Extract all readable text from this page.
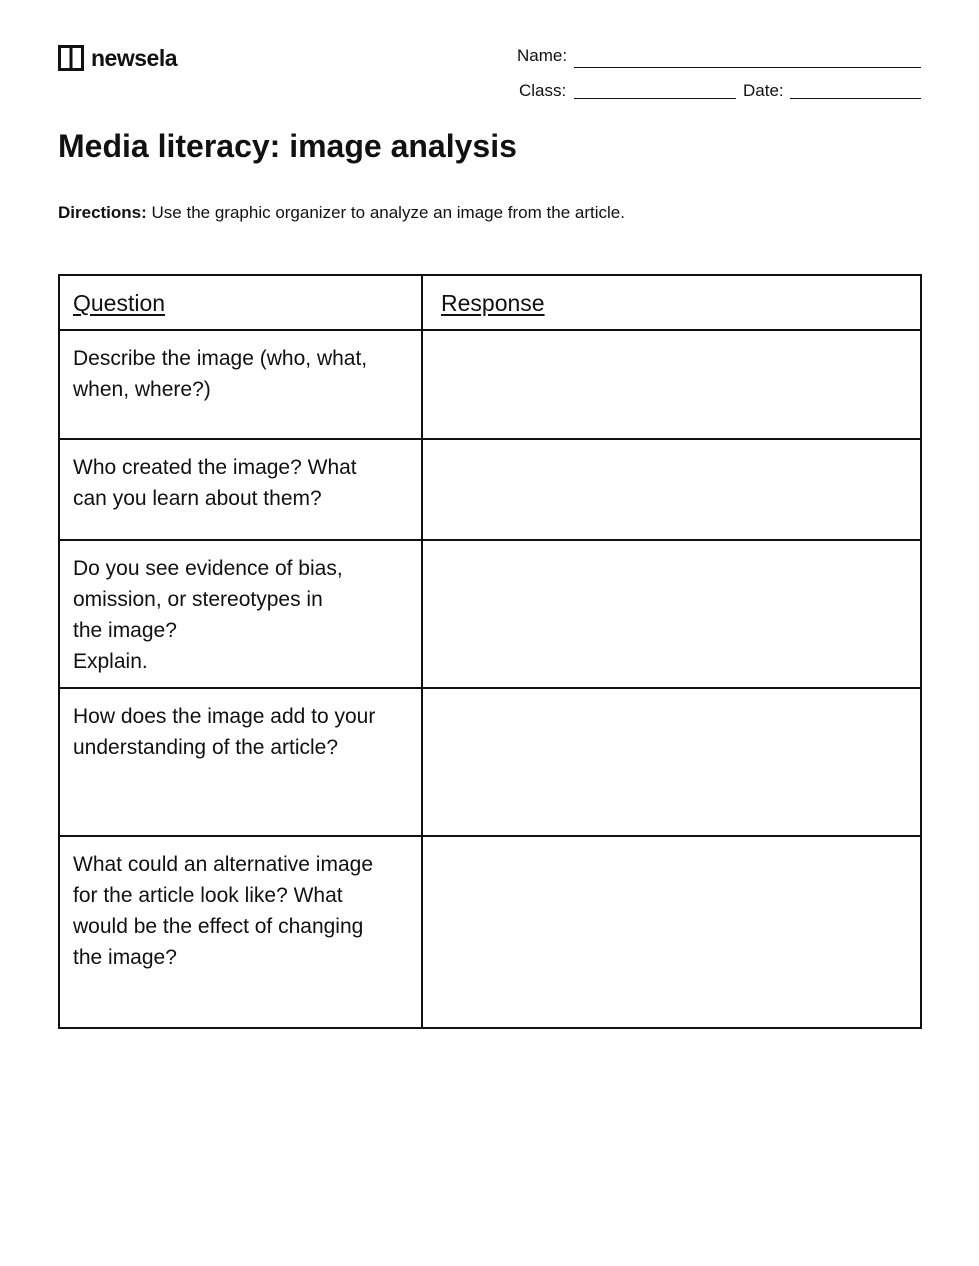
newsela	Name:
Class:	Date:
Media literacy: image analysis
Directions: Use the graphic organizer to analyze an image from the article.
Question	Response

Describe the image (who, what,
when, where?)	

Who created the image? What
can you learn about them?	

Do you see evidence of bias,
omission, or stereotypes in
the image?
Explain.	

How does the image add to your
understanding of the article?	

What could an alternative image
for the article look like? What
would be the effect of changing
the image?	
